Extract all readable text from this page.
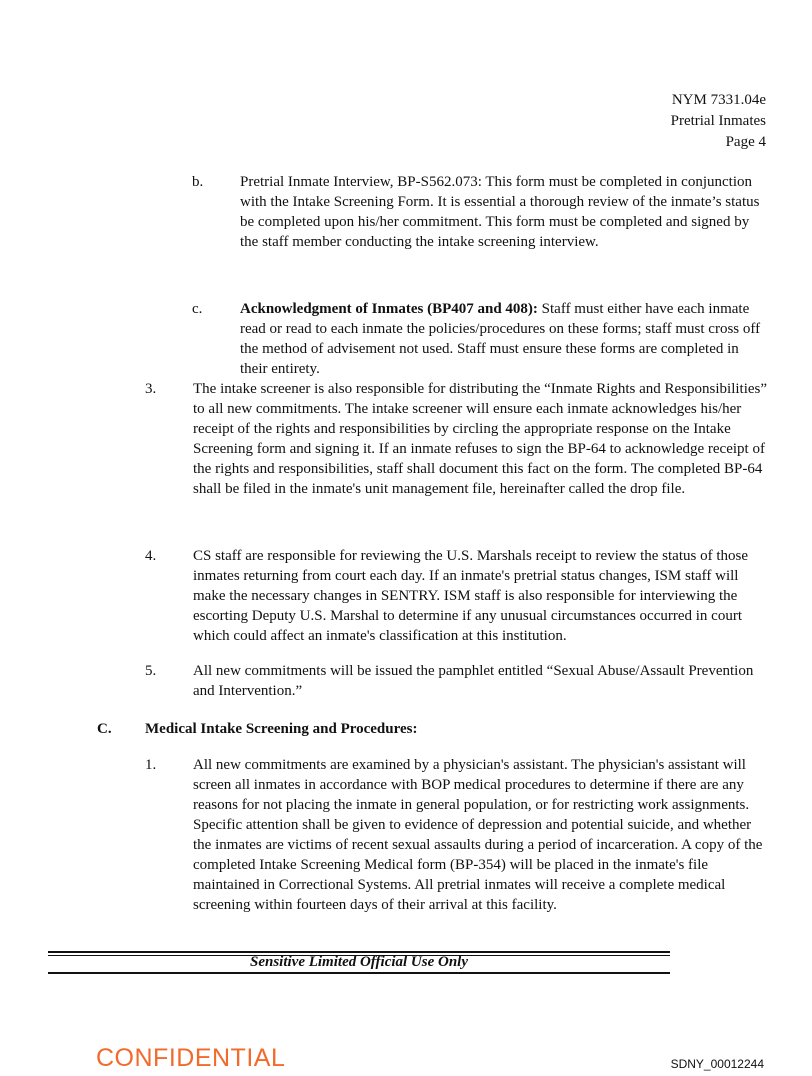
NYM 7331.04e
Pretrial Inmates
Page 4
b. Pretrial Inmate Interview, BP-S562.073: This form must be completed in conjunction with the Intake Screening Form. It is essential a thorough review of the inmate’s status be completed upon his/her commitment. This form must be completed and signed by the staff member conducting the intake screening interview.
c.	Acknowledgment of Inmates (BP407 and 408): Staff must either have each inmate read or read to each inmate the policies/procedures on these forms; staff must cross off the method of advisement not used. Staff must ensure these forms are completed in their entirety.
3. The intake screener is also responsible for distributing the “Inmate Rights and Responsibilities” to all new commitments. The intake screener will ensure each inmate acknowledges his/her receipt of the rights and responsibilities by circling the appropriate response on the Intake Screening form and signing it. If an inmate refuses to sign the BP-64 to acknowledge receipt of the rights and responsibilities, staff shall document this fact on the form. The completed BP-64 shall be filed in the inmate's unit management file, hereinafter called the drop file.
4. CS staff are responsible for reviewing the U.S. Marshals receipt to review the status of those inmates returning from court each day. If an inmate's pretrial status changes, ISM staff will make the necessary changes in SENTRY. ISM staff is also responsible for interviewing the escorting Deputy U.S. Marshal to determine if any unusual circumstances occurred in court which could affect an inmate's classification at this institution.
5. All new commitments will be issued the pamphlet entitled “Sexual Abuse/Assault Prevention and Intervention.”
C. Medical Intake Screening and Procedures:
1. All new commitments are examined by a physician's assistant. The physician's assistant will screen all inmates in accordance with BOP medical procedures to determine if there are any reasons for not placing the inmate in general population, or for restricting work assignments. Specific attention shall be given to evidence of depression and potential suicide, and whether the inmates are victims of recent sexual assaults during a period of incarceration. A copy of the completed Intake Screening Medical form (BP-354) will be placed in the inmate's file maintained in Correctional Systems. All pretrial inmates will receive a complete medical screening within fourteen days of their arrival at this facility.
Sensitive Limited Official Use Only
CONFIDENTIAL	SDNY_00012244
